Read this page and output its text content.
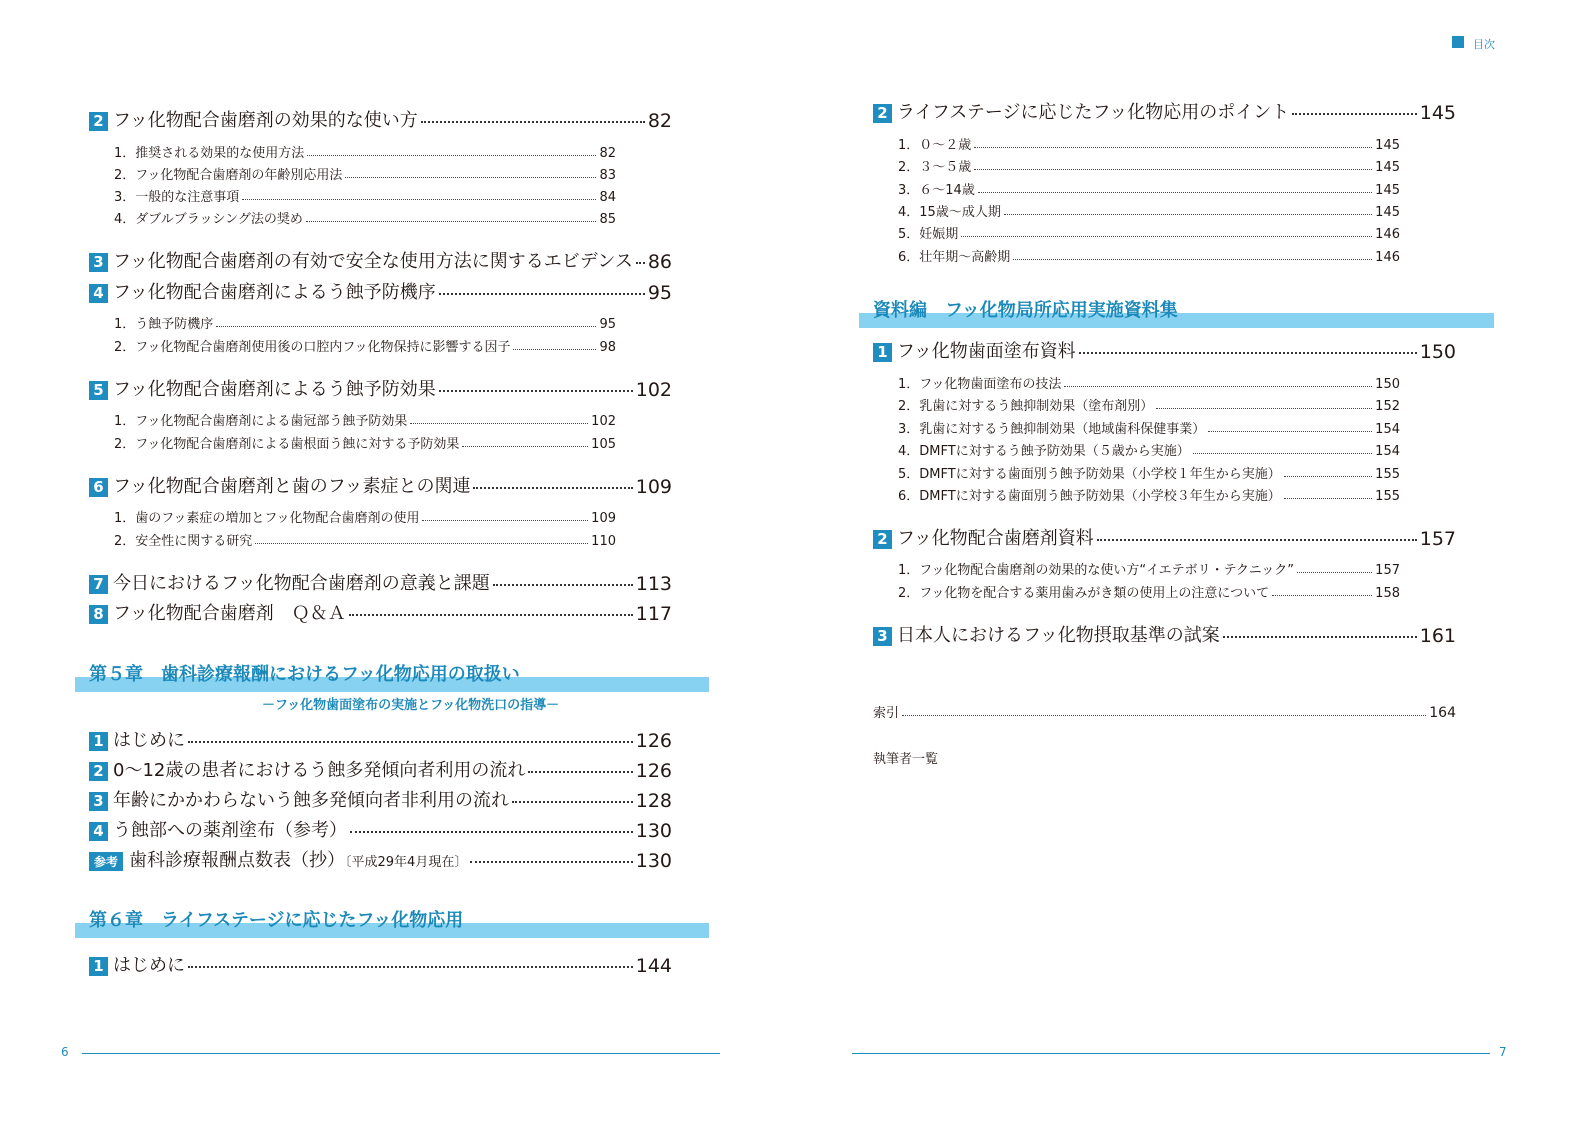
2 フッ化物配合歯磨剤の効果的な使い方	82
1．推奨される効果的な使用方法	82
2．フッ化物配合歯磨剤の年齢別応用法	83
3．一般的な注意事項	84
4．ダブルブラッシング法の奨め	85
3 フッ化物配合歯磨剤の有効で安全な使用方法に関するエビデンス 86
4 フッ化物配合歯磨剤によるう蝕予防機序	95
1．う蝕予防機序	95
2．フッ化物配合歯磨剤使用後の口腔内フッ化物保持に影響する因子	98
5 フッ化物配合歯磨剤によるう蝕予防効果	102
1．フッ化物配合歯磨剤による歯冠部う蝕予防効果	102
2．フッ化物配合歯磨剤による歯根面う蝕に対する予防効果	105
6 フッ化物配合歯磨剤と歯のフッ素症との関連	109
1．歯のフッ素症の増加とフッ化物配合歯磨剤の使用	109
2．安全性に関する研究	110
7 今日におけるフッ化物配合歯磨剤の意義と課題	113
8 フッ化物配合歯磨剤　Ｑ＆Ａ	117
第５章　歯科診療報酬におけるフッ化物応用の取扱い
－フッ化物歯面塗布の実施とフッ化物洗口の指導－
1 はじめに	126
2 0～12歳の患者におけるう蝕多発傾向者利用の流れ	126
3 年齢にかかわらないう蝕多発傾向者非利用の流れ	128
4 う蝕部への薬剤塗布（参考）	130
参考 歯科診療報酬点数表（抄）〔平成29年4月現在〕	130
第６章　ライフステージに応じたフッ化物応用
1 はじめに	144
6
目次
2 ライフステージに応じたフッ化物応用のポイント	145
1．０～２歳	145
2．３～５歳	145
3．６～14歳	145
4．15歳～成人期	145
5．妊娠期	146
6．壮年期～高齢期	146
資料編　フッ化物局所応用実施資料集
1 フッ化物歯面塗布資料	150
1．フッ化物歯面塗布の技法	150
2．乳歯に対するう蝕抑制効果（塗布剤別）	152
3．乳歯に対するう蝕抑制効果（地域歯科保健事業）	154
4．DMFTに対するう蝕予防効果（５歳から実施）	154
5．DMFTに対する歯面別う蝕予防効果（小学校１年生から実施）	155
6．DMFTに対する歯面別う蝕予防効果（小学校３年生から実施）	155
2 フッ化物配合歯磨剤資料	157
1．フッ化物配合歯磨剤の効果的な使い方“イエテボリ・テクニック”	157
2．フッ化物を配合する薬用歯みがき類の使用上の注意について	158
3 日本人におけるフッ化物摂取基準の試案	161
索引	164
執筆者一覧
7
